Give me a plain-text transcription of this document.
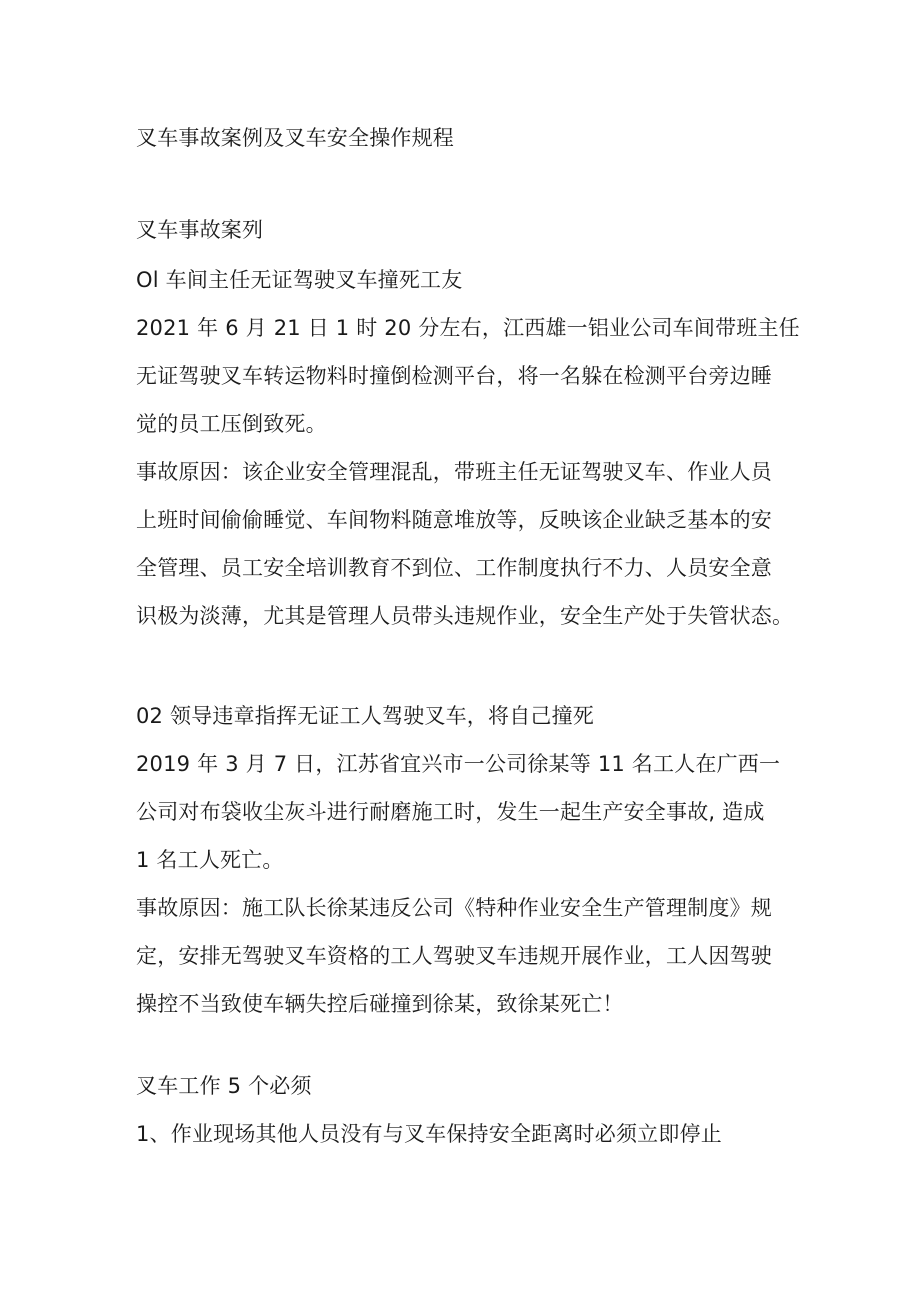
叉车事故案例及叉车安全操作规程
叉车事故案列
Ol 车间主任无证驾驶叉车撞死工友
2021 年 6 月 21 日 1 时 20 分左右，江西雄一铝业公司车间带班主任
无证驾驶叉车转运物料时撞倒检测平台，将一名躲在检测平台旁边睡
觉的员工压倒致死。
事故原因：该企业安全管理混乱，带班主任无证驾驶叉车、作业人员
上班时间偷偷睡觉、车间物料随意堆放等，反映该企业缺乏基本的安
全管理、员工安全培训教育不到位、工作制度执行不力、人员安全意
识极为淡薄，尤其是管理人员带头违规作业，安全生产处于失管状态。
02 领导违章指挥无证工人驾驶叉车，将自己撞死
2019 年 3 月 7 日，江苏省宜兴市一公司徐某等 11 名工人在广西一
公司对布袋收尘灰斗进行耐磨施工时，发生一起生产安全事故, 造成
1 名工人死亡。
事故原因：施工队长徐某违反公司《特种作业安全生产管理制度》规
定，安排无驾驶叉车资格的工人驾驶叉车违规开展作业，工人因驾驶
操控不当致使车辆失控后碰撞到徐某，致徐某死亡！
叉车工作 5 个必须
1、作业现场其他人员没有与叉车保持安全距离时必须立即停止
